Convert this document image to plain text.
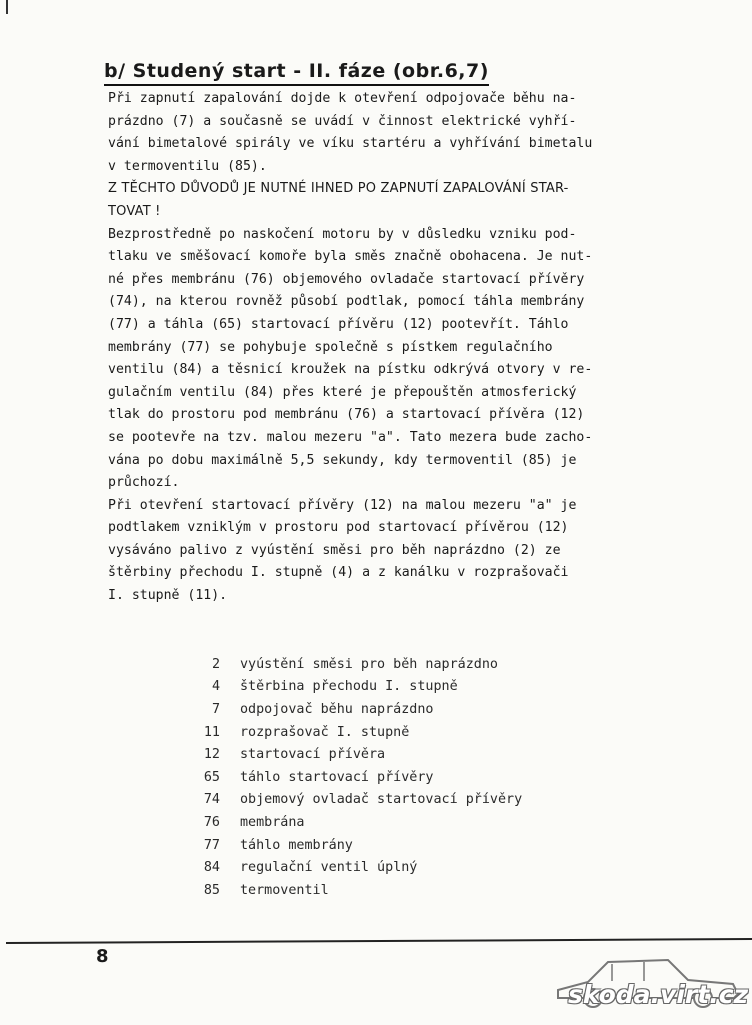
b/ Studený start - II. fáze (obr.6,7)
Při zapnutí zapalování dojde k otevření odpojovače běhu na-
prázdno (7) a současně se uvádí v činnost elektrické vyhří-
vání bimetalové spirály ve víku startéru a vyhřívání bimetalu
v termoventilu (85).
Z TĚCHTO DŮVODŮ JE NUTNÉ IHNED PO ZAPNUTÍ ZAPALOVÁNÍ STAR-
TOVAT !
Bezprostředně po naskočení motoru by v důsledku vzniku pod-
tlaku ve směšovací komoře byla směs značně obohacena. Je nut-
né přes membránu (76) objemového ovladače startovací přívěry
(74), na kterou rovněž působí podtlak, pomocí táhla membrány
(77) a táhla (65) startovací přívěru (12) pootevřít. Táhlo
membrány (77) se pohybuje společně s pístkem regulačního
ventilu (84) a těsnicí kroužek na pístku odkrývá otvory v re-
gulačním ventilu (84) přes které je přepouštěn atmosferický
tlak do prostoru pod membránu (76) a startovací přívěra (12)
se pootevře na tzv. malou mezeru "a". Tato mezera bude zacho-
vána po dobu maximálně 5,5 sekundy, kdy termoventil (85) je
průchozí.
Při otevření startovací přívěry (12) na malou mezeru "a" je
podtlakem vzniklým v prostoru pod startovací přívěrou (12)
vysáváno palivo z vyústění směsi pro běh naprázdno (2) ze
štěrbiny přechodu I. stupně (4) a z kanálku v rozprašovači
I. stupně (11).
2	vyústění směsi pro běh naprázdno
4	štěrbina přechodu I. stupně
7	odpojovač běhu naprázdno
11	rozprašovač I. stupně
12	startovací přívěra
65	táhlo startovací přívěry
74	objemový ovladač startovací přívěry
76	membrána
77	táhlo membrány
84	regulační ventil úplný
85	termoventil
8
skoda.virt.cz
